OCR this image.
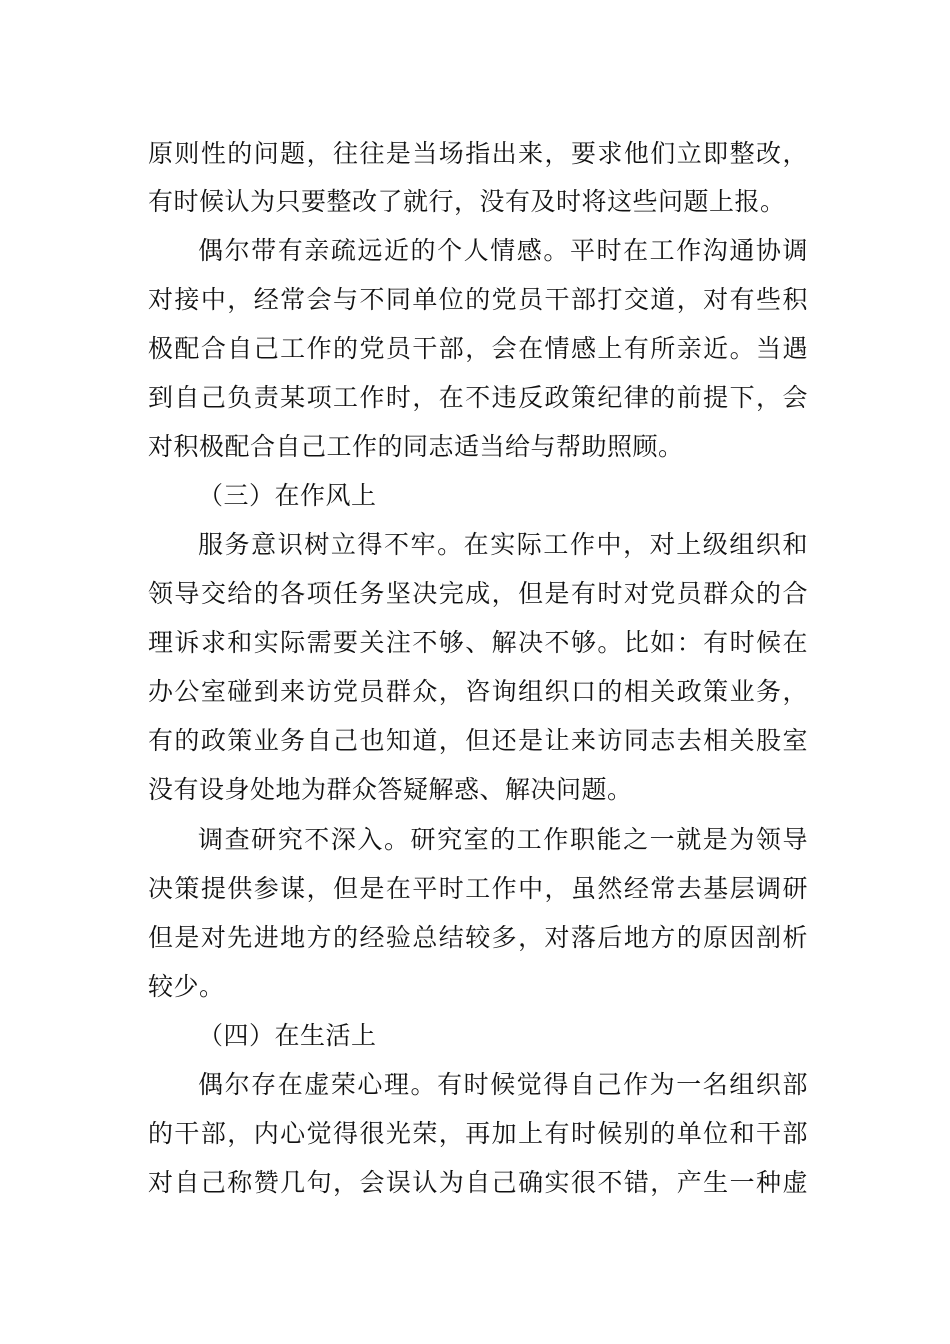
原则性的问题，往往是当场指出来，要求他们立即整改，
有时候认为只要整改了就行，没有及时将这些问题上报。
偶尔带有亲疏远近的个人情感。平时在工作沟通协调
对接中，经常会与不同单位的党员干部打交道，对有些积
极配合自己工作的党员干部，会在情感上有所亲近。当遇
到自己负责某项工作时，在不违反政策纪律的前提下，会
对积极配合自己工作的同志适当给与帮助照顾。
（三）在作风上
服务意识树立得不牢。在实际工作中，对上级组织和
领导交给的各项任务坚决完成，但是有时对党员群众的合
理诉求和实际需要关注不够、解决不够。比如：有时候在
办公室碰到来访党员群众，咨询组织口的相关政策业务，
有的政策业务自己也知道，但还是让来访同志去相关股室
没有设身处地为群众答疑解惑、解决问题。
调查研究不深入。研究室的工作职能之一就是为领导
决策提供参谋，但是在平时工作中，虽然经常去基层调研
但是对先进地方的经验总结较多，对落后地方的原因剖析
较少。
（四）在生活上
偶尔存在虚荣心理。有时候觉得自己作为一名组织部
的干部，内心觉得很光荣，再加上有时候别的单位和干部
对自己称赞几句，会误认为自己确实很不错，产生一种虚
